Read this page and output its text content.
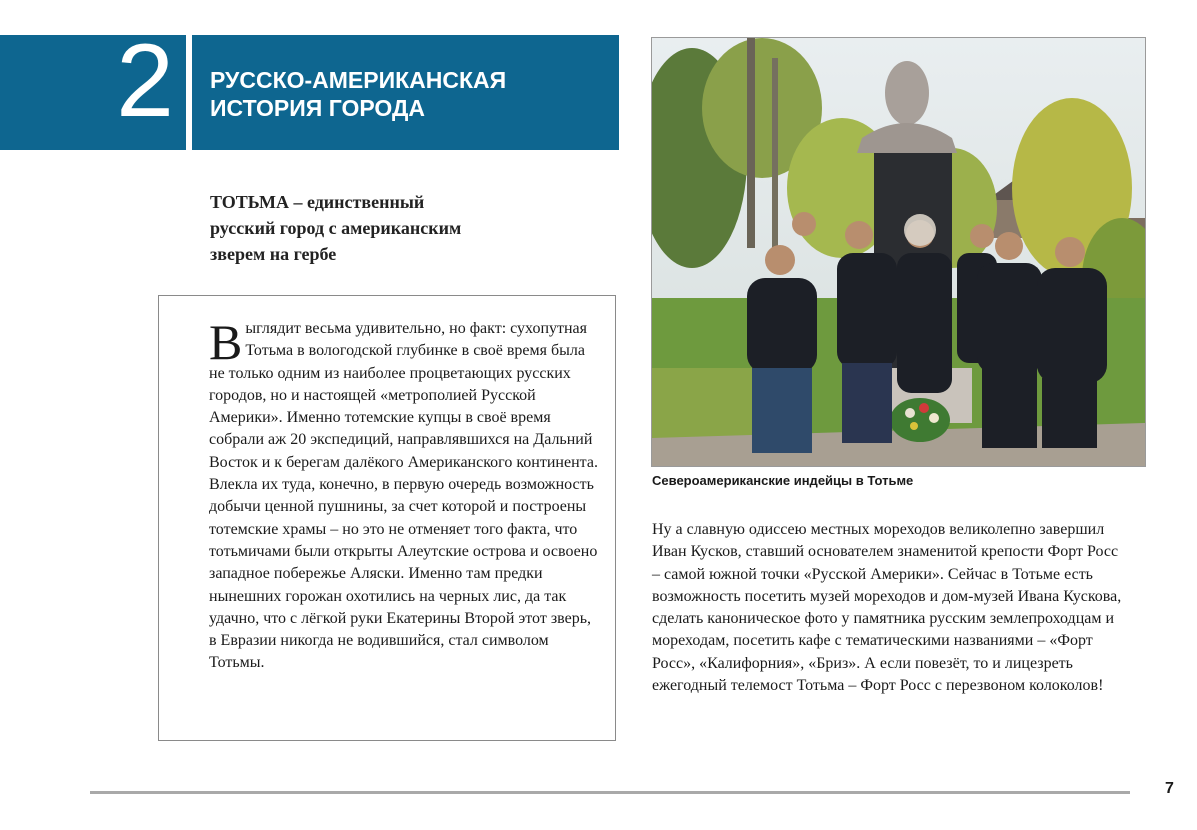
2 РУССКО-АМЕРИКАНСКАЯ
ИСТОРИЯ ГОРОДА
ТОТЬМА – единственный
русский город с американским
зверем на гербе

Выглядит весьма удивительно, но факт: сухопутная Тотьма в вологодской глубинке в своё время была не только одним из наиболее процветающих русских городов, но и настоящей «метрополией Русской Америки». Именно тотемские купцы в своё время собрали аж 20 экспедиций, направлявшихся на Дальний Восток и к берегам далёкого Американского континента. Влекла их туда, конечно, в первую очередь возможность добычи ценной пушнины, за счет которой и построены тотемские храмы – но это не отменяет того факта, что тотьмичами были открыты Алеутские острова и освоено западное побережье Аляски. Именно там предки нынешних горожан охотились на черных лис, да так удачно, что с лёгкой руки Екатерины Второй этот зверь, в Евразии никогда не водившийся, стал символом Тотьмы.

Североамериканские индейцы в Тотьме

Ну а славную одиссею местных мореходов великолепно завершил Иван Кусков, ставший основателем знаменитой крепости Форт Росс – самой южной точки «Русской Америки». Сейчас в Тотьме есть возможность посетить музей мореходов и дом-музей Ивана Кускова, сделать каноническое фото у памятника русским землепроходцам и мореходам, посетить кафе с тематическими названиями – «Форт Росс», «Калифорния», «Бриз». А если повезёт, то и лицезреть ежегодный телемост Тотьма – Форт Росс с перезвоном колоколов!

7
